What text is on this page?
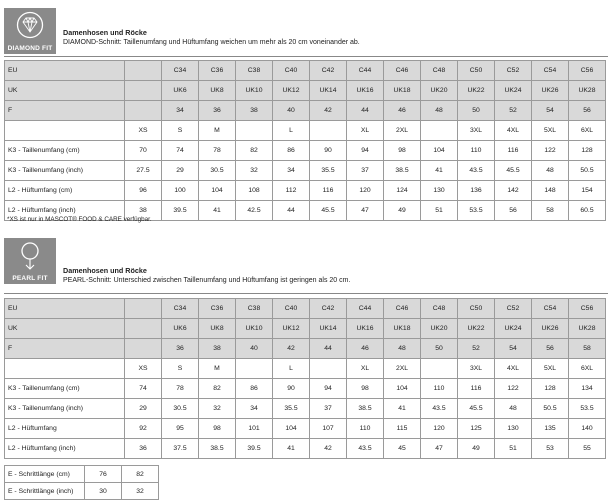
DIAMOND FIT
Damenhosen und Röcke
DIAMOND-Schnitt: Taillenumfang und Hüftumfang weichen um mehr als 20 cm voneinander ab.
EU		C34	C36	C38	C40	C42	C44	C46	C48	C50	C52	C54	C56
UK		UK6	UK8	UK10	UK12	UK14	UK16	UK18	UK20	UK22	UK24	UK26	UK28
F		34	36	38	40	42	44	46	48	50	52	54	56
	XS	S	M		L		XL	2XL		3XL	4XL	5XL	6XL
K3 - Taillenumfang (cm)	70	74	78	82	86	90	94	98	104	110	116	122	128
K3 - Taillenumfang (inch)	27.5	29	30.5	32	34	35.5	37	38.5	41	43.5	45.5	48	50.5
L2 - Hüftumfang (cm)	96	100	104	108	112	116	120	124	130	136	142	148	154
L2 - Hüftumfang (inch)	38	39.5	41	42.5	44	45.5	47	49	51	53.5	56	58	60.5
*XS ist nur in MASCOT® FOOD & CARE verfügbar.
PEARL FIT
Damenhosen und Röcke
PEARL-Schnitt: Unterschied zwischen Taillenumfang und Hüftumfang ist geringen als 20 cm.
EU		C34	C36	C38	C40	C42	C44	C46	C48	C50	C52	C54	C56
UK		UK6	UK8	UK10	UK12	UK14	UK16	UK18	UK20	UK22	UK24	UK26	UK28
F		36	38	40	42	44	46	48	50	52	54	56	58
	XS	S	M		L		XL	2XL		3XL	4XL	5XL	6XL
K3 - Taillenumfang (cm)	74	78	82	86	90	94	98	104	110	116	122	128	134
K3 - Taillenumfang (inch)	29	30.5	32	34	35.5	37	38.5	41	43.5	45.5	48	50.5	53.5
L2 - Hüftumfang	92	95	98	101	104	107	110	115	120	125	130	135	140
L2 - Hüftumfang (inch)	36	37.5	38.5	39.5	41	42	43.5	45	47	49	51	53	55
E - Schrittlänge (cm)	76	82
E - Schrittlänge (inch)	30	32
